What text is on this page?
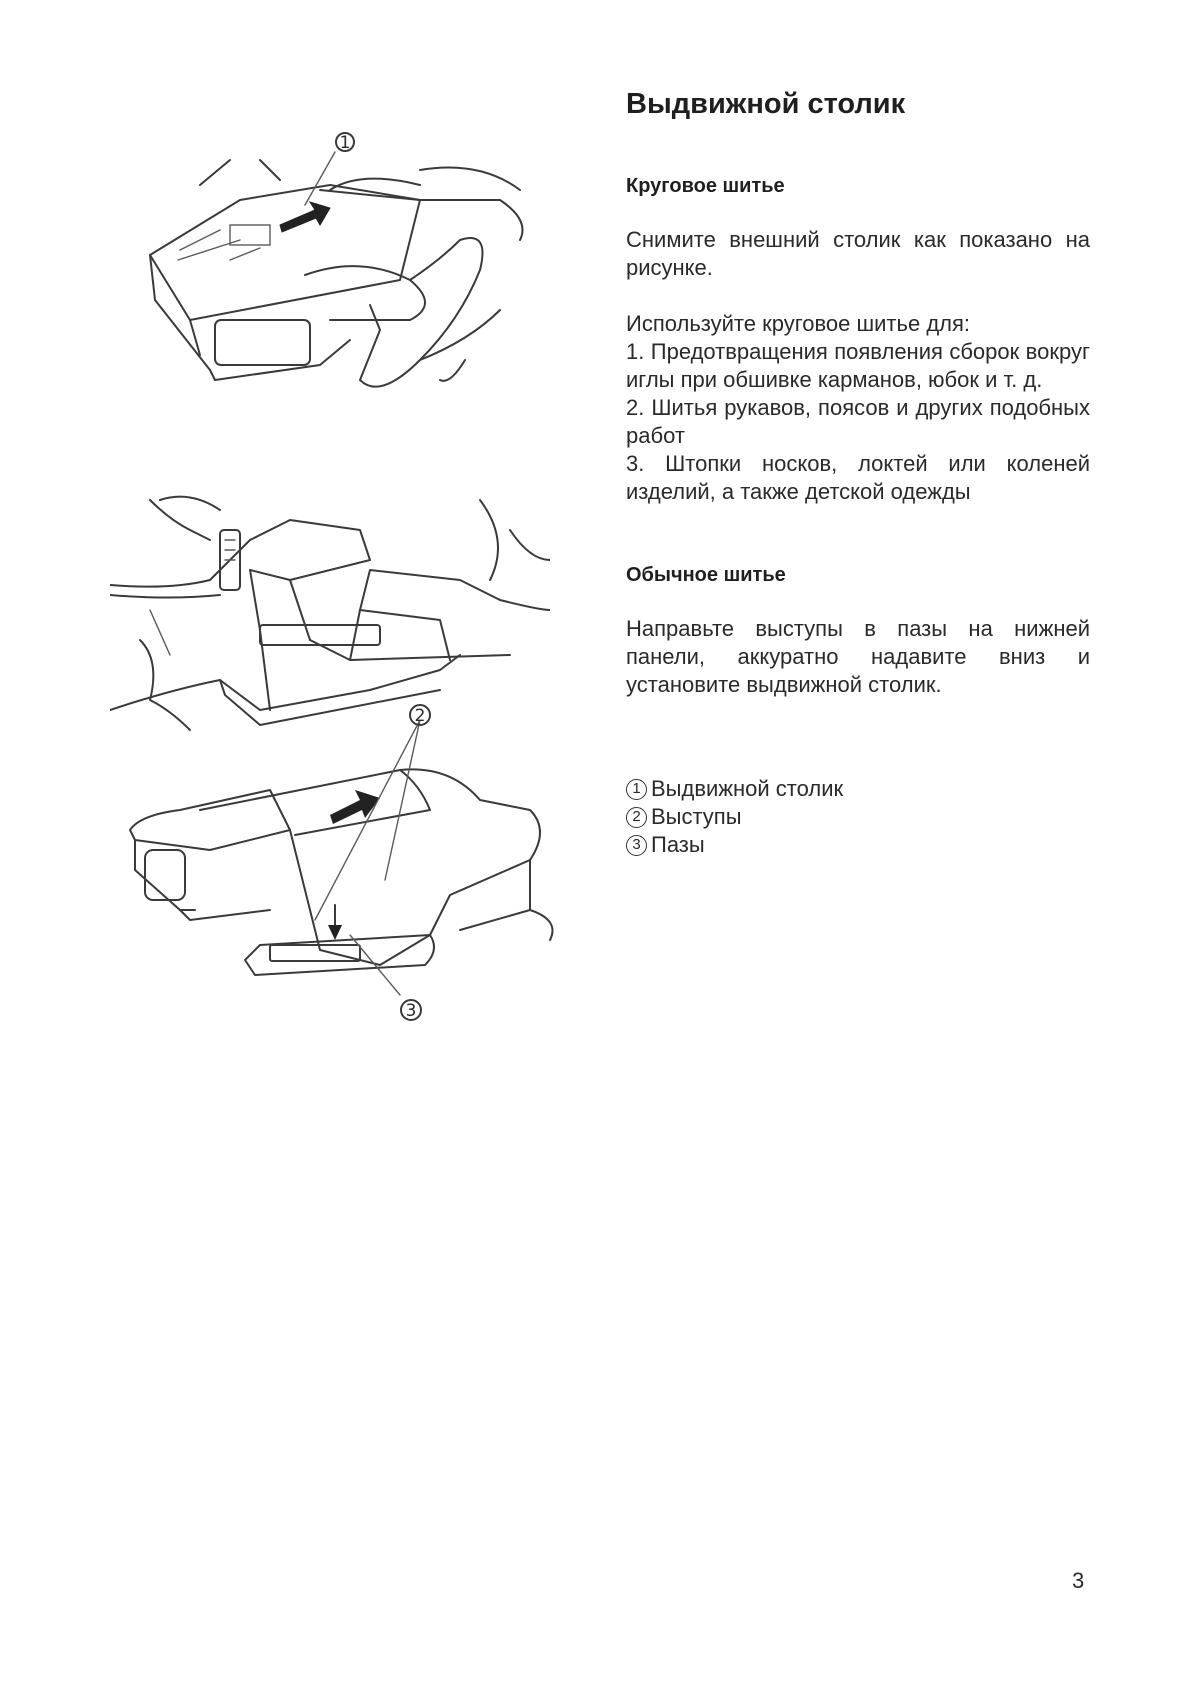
1
2
3
Выдвижной столик
Круговое шитье

Снимите внешний столик как показано на рисунке.

Используйте круговое шитье для:

1. Предотвращения появления сборок вокруг иглы при обшивке карманов, юбок и т. д.
2. Шитья рукавов, поясов и других подобных работ
3. Штопки носков, локтей или коленей изделий, а также детской одежды
Обычное шитье

Направьте выступы в пазы на нижней панели, аккуратно надавите вниз и установите выдвижной столик.

1 Выдвижной столик
2 Выступы
3 Пазы
3
